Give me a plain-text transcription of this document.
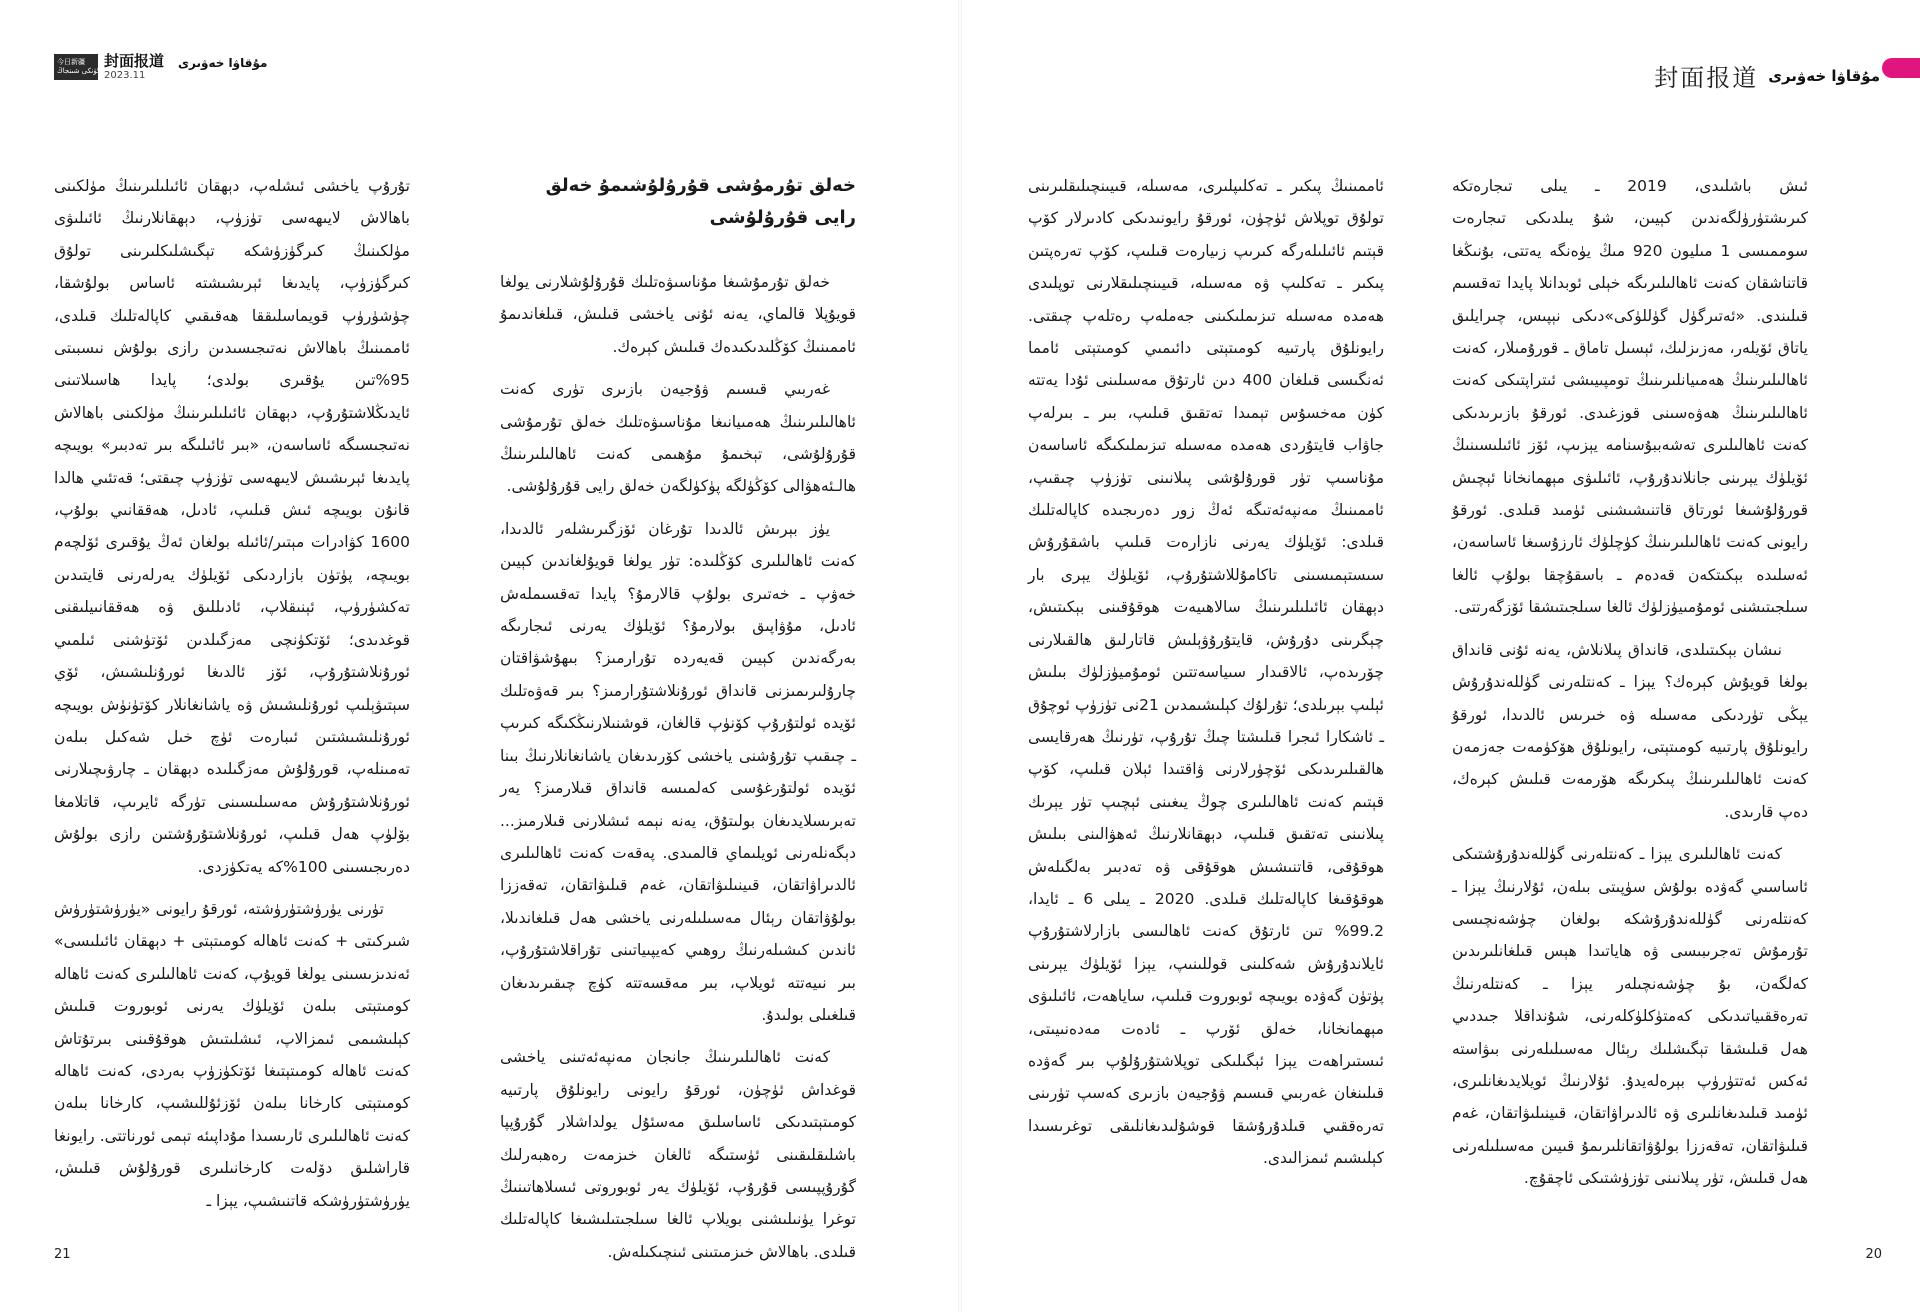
今日新疆
بۈگۈنكى شىنجاڭ
封面报道
2023.11
مۇقاۋا خەۋىرى
خەلق تۇرمۇشى قۇرۇلۇشىمۇ خەلق رايى قۇرۇلۇشى

خەلق تۇرمۇشىغا مۇناسىۋەتلىك قۇرۇلۇشلارنى يولغا قويۇپلا قالماي، يەنە ئۇنى ياخشى قىلىش، قىلغاندىمۇ ئاممىنىڭ كۆڭلىدىكىدەك قىلىش كېرەك.

غەربىي قىسىم ۋۇجيەن بازىرى تۈرى كەنت ئاھالىلىرىنىڭ ھەمىيانىغا مۇناسىۋەتلىك خەلق تۇرمۇشى قۇرۇلۇشى، تېخىمۇ مۇھىمى كەنت ئاھالىلىرىنىڭ ھالـئەھۋالى كۆڭۈلگە پۈكۈلگەن خەلق رايى قۇرۇلۇشى.

يۈز بېرىش ئالدىدا تۇرغان ئۆزگىرىشلەر ئالدىدا، كەنت ئاھالىلىرى كۆڭلىدە: تۈر يولغا قويۇلغاندىن كېيىن خەۋپ ـ خەتىرى بولۇپ قالارمۇ؟ پايدا تەقسىملەش ئادىل، مۇۋاپىق بولارمۇ؟ ئۆيلۈك يەرنى ئىجارىگە بەرگەندىن كېيىن قەيەردە تۇرارمىز؟ بىھۇشۋاقتان چارۇلىرىمىزنى قانداق ئورۇنلاشتۇرارمىز؟ بىر قەۋەتلىك ئۆيدە ئولتۇرۇپ كۆنۈپ قالغان، قوشنىلارنىڭكىگە كىرىپ ـ چىقىپ تۇرۇشنى ياخشى كۆرىدىغان ياشانغانلارنىڭ بىنا ئۆيدە ئولتۇرغۇسى كەلمىسە قانداق قىلارمىز؟ يەر تەبرىسلايدىغان بولىتۇق، يەنە نېمە ئىشلارنى قىلارمىز... دېگەنلەرنى ئويلىماي قالمىدى. پەقەت كەنت ئاھالىلىرى ئالدىراۋاتقان، قىينىلىۋاتقان، غەم قىلىۋاتقان، تەقەززا بولۇۋاتقان رېئال مەسىلىلەرنى ياخشى ھەل قىلغاندىلا، ئاندىن كىشىلەرنىڭ روھىي كەيپىياتىنى تۇراقلاشتۇرۇپ، بىر نىيەتتە ئويلاپ، بىر مەقسەتتە كۈچ چىقىرىدىغان قىلغىلى بولىدۇ.

كەنت ئاھالىلىرىنىڭ جانجان مەنپەئەتىنى ياخشى قوغداش ئۈچۈن، ئورقۇ رايونى رايونلۇق پارتىيە كومىتېتىدىكى ئاساسلىق مەسئۇل يولداشلار گۇرۇپپا باشلىقلىقىنى ئۈستىگە ئالغان خىزمەت رەھبەرلىك گۇرۇپپىسى قۇرۇپ، ئۆيلۈك يەر ئوبوروتى ئىسلاھاتىنىڭ توغرا يۈنىلىشنى بويلاپ ئالغا سىلجىتىلىشىغا كاپالەتلىك قىلدى. باھالاش خىزمىتىنى ئىنچىكىلەش.

تۇرۇپ ياخشى ئىشلەپ، دېھقان ئائىلىلىرىنىڭ مۈلكىنى باھالاش لايىھەسى تۈزۈپ، دېھقانلارنىڭ ئائىلىۋى مۈلكىنىڭ كىرگۈزۈشكە تېگىشلىكلىرىنى تولۇق كىرگۈزۈپ، پايدىغا ئېرىشىشتە ئاساس بولۇشقا، چۈشۈرۈپ قويماسلىققا ھەقىقىي كاپالەتلىك قىلدى، ئاممىنىڭ باھالاش نەتىجىسىدىن رازى بولۇش نىسبىتى 95%تىن يۇقىرى بولدى؛ پايدا ھاسىلاتىنى ئايدىڭلاشتۇرۇپ، دېھقان ئائىلىلىرىنىڭ مۈلكىنى باھالاش نەتىجىسىگە ئاساسەن، «بىر ئائىلىگە بىر تەدبىر» بويىچە پايدىغا ئېرىشىش لايىھەسى تۈزۈپ چىقتى؛ قەتئىي ھالدا قانۇن بويىچە ئىش قىلىپ، ئادىل، ھەققانىي بولۇپ، 1600 كۋادرات مېتىر/ئائىلە بولغان ئەڭ يۇقىرى ئۆلچەم بويىچە، پۈتۈن بازاردىكى ئۆيلۈك يەرلەرنى قايتىدىن تەكشۈرۈپ، ئېنىقلاپ، ئادىللىق ۋە ھەققانىيلىقنى قوغدىدى؛ ئۆتكۈنچى مەزگىلدىن ئۆتۈشنى ئىلمىي ئورۇنلاشتۇرۇپ، ئۆز ئالدىغا ئورۇنلىشىش، ئۆي سېتىۋېلىپ ئورۇنلىشىش ۋە ياشانغانلار كۆتۈنۈش بويىچە ئورۇنلىشىشتىن ئىبارەت ئۈچ خىل شەكىل بىلەن تەمىنلەپ، قورۇلۇش مەزگىلىدە دېھقان ـ چارۋىچىلارنى ئورۇنلاشتۇرۇش مەسىلىسىنى تۈرگە ئايرىپ، قاتلامغا بۆلۈپ ھەل قىلىپ، ئورۇنلاشتۇرۇشتىن رازى بولۇش دەرىجىسىنى 100%كە يەتكۈزدى.

تۈرنى يۈرۈشتۈرۈشتە، ئورقۇ رايونى «يۈرۈشتۈرۈش شىركىتى + كەنت ئاھالە كومىتېتى + دېھقان ئائىلىسى» ئەندىزىسىنى يولغا قويۇپ، كەنت ئاھالىلىرى كەنت ئاھالە كومىتېتى بىلەن ئۆيلۈك يەرنى ئوبوروت قىلىش كېلىشىمى ئىمزالاپ، ئىشلىتىش ھوقۇقىنى بىرتۇتاش كەنت ئاھالە كومىتېتىغا ئۆتكۈزۈپ بەردى، كەنت ئاھالە كومىتېتى كارخانا بىلەن ئۆزئۇللىشىپ، كارخانا بىلەن كەنت ئاھالىلىرى ئارىسىدا مۇداپىئە تېمى ئورناتتى. رايونغا قاراشلىق دۆلەت كارخانىلىرى قورۇلۇش قىلىش، يۈرۈشتۈرۈشكە قاتنىشىپ، يېزا ـ

21

ئىش باشلىدى، 2019 ـ يىلى تىجارەتكە كىرىشتۈرۈلگەندىن كېيىن، شۇ يىلدىكى تىجارەت سوممىسى 1 مىليون 920 مىڭ يۈەنگە يەتتى، بۇنىڭغا قاتناشقان كەنت ئاھالىلىرىگە خېلى ئوبدانلا پايدا تەقسىم قىلىندى. «ئەتىرگۈل گۈللۈكى»دىكى نېپىس، چىرايلىق ياتاق ئۆيلەر، مەزىزلىك، ئېسىل تاماق ـ قورۇمىلار، كەنت ئاھالىلىرىنىڭ ھەمىيانلىرىنىڭ تومپىيىشى ئىتراپتىكى كەنت ئاھالىلىرىنىڭ ھەۋەسىنى قوزغىدى. ئورقۇ بازىرىدىكى كەنت ئاھالىلىرى تەشەببۇسنامە يېزىپ، ئۆز ئائىلىسىنىڭ ئۆيلۈك يېرىنى جانلاندۇرۇپ، ئائىلىۋى مېھمانخانا ئېچىش قورۇلۇشىغا ئورتاق قاتنىشىشنى ئۈمىد قىلدى. ئورقۇ رايونى كەنت ئاھالىلىرىنىڭ كۈچلۈك ئارزۇسىغا ئاساسەن، ئەسلىدە بېكىتكەن قەدەم ـ باسقۇچقا بولۇپ ئالغا سىلجىتىشنى ئومۇمىيۈزلۈك ئالغا سىلجىتىشقا ئۆزگەرتتى.

نىشان بېكىتىلدى، قانداق پىلانلاش، يەنە ئۇنى قانداق بولغا قويۇش كېرەك؟ يېزا ـ كەنتلەرنى گۈللەندۇرۇش يېڭى تۈردىكى مەسىلە ۋە خىرىس ئالدىدا، ئورقۇ رايونلۇق پارتىيە كومىتېتى، رايونلۇق ھۆكۈمەت جەزمەن كەنت ئاھالىلىرىنىڭ پىكرىگە ھۆرمەت قىلىش كېرەك، دەپ قارىدى.

كەنت ئاھالىلىرى يېزا ـ كەنتلەرنى گۈللەندۇرۇشتىكى ئاساسىي گەۋدە بولۇش سۈپىتى بىلەن، ئۇلارنىڭ يېزا ـ كەنتلەرنى گۈللەندۇرۇشكە بولغان چۈشەنچىسى تۇرمۇش تەجرىبىسى ۋە ھاياتىدا ھېس قىلغانلىرىدىن كەلگەن، بۇ چۈشەنچىلەر يېزا ـ كەنتلەرنىڭ تەرەققىياتىدىكى كەمتۈكلۈكلەرنى، شۇنداقلا جىددىي ھەل قىلىشقا تېگىشلىك رېئال مەسىلىلەرنى بىۋاستە ئەكس ئەتتۈرۈپ بېرەلەيدۇ. ئۇلارنىڭ ئويلايدىغانلىرى، ئۈمىد قىلىدىغانلىرى ۋە ئالدىراۋاتقان، قىينىلىۋاتقان، غەم قىلىۋاتقان، تەقەززا بولۇۋاتقانلىرىمۇ قىيىن مەسىلىلەرنى ھەل قىلىش، تۈر پىلانىنى تۈزۈشتىكى ئاچقۇچ.

ئاممىنىڭ پىكىر ـ تەكلىپلىرى، مەسىلە، قىيىنچىلىقلىرىنى تولۇق توپلاش ئۈچۈن، ئورقۇ رايونىدىكى كادىرلار كۆپ قېتىم ئائىلىلەرگە كىرىپ زىيارەت قىلىپ، كۆپ تەرەپتىن پىكىر ـ تەكلىپ ۋە مەسىلە، قىيىنچىلىقلارنى توپلىدى ھەمدە مەسىلە تىزىملىكىنى جەملەپ رەتلەپ چىقتى. رايونلۇق پارتىيە كومىتېتى دائىمىي كومىتېتى ئامما ئەنگىسى قىلغان 400 دىن ئارتۇق مەسىلىنى ئۇدا يەتتە كۈن مەخسۇس تېمىدا تەتقىق قىلىپ، بىر ـ بىرلەپ جاۋاب قايتۇردى ھەمدە مەسىلە تىزىملىكىگە ئاساسەن مۇناسىپ تۈر قورۇلۇشى پىلانىنى تۈزۈپ چىقىپ، ئاممىنىڭ مەنپەئەتىگە ئەڭ زور دەرىجىدە كاپالەتلىك قىلدى: ئۆيلۈك يەرنى نازارەت قىلىپ باشقۇرۇش سىستېمىسىنى تاكامۇللاشتۇرۇپ، ئۆيلۈك يېرى بار دېھقان ئائىلىلىرىنىڭ سالاھىيەت ھوقۇقىنى بېكىتىش، چېگرىنى دۇرۇش، قايتۇرۇۋېلىش قاتارلىق ھالقىلارنى چۆرىدەپ، ئالاقىدار سىياسەتتىن ئومۇميۈزلۈك بىلىش ئېلىپ بېرىلدى؛ تۇرلۇك كېلىشىمدىن 21نى تۈزۈپ ئوچۇق ـ ئاشكارا ئىجرا قىلىشتا چىڭ تۇرۇپ، تۈرنىڭ ھەرقايسى ھالقىلىرىدىكى ئۆچۈرلارنى ۋاقتىدا ئېلان قىلىپ، كۆپ قېتىم كەنت ئاھالىلىرى چوڭ يىغىنى ئېچىپ تۈر يېرىك پىلانىنى تەتقىق قىلىپ، دېھقانلارنىڭ ئەھۋالىنى بىلىش ھوقۇقى، قاتنىشىش ھوقۇقى ۋە تەدبىر بەلگىلەش ھوقۇقىغا كاپالەتلىك قىلدى. 2020 ـ يىلى 6 ـ ئايدا، 99.2% تىن ئارتۇق كەنت ئاھالىسى بازارلاشتۇرۇپ ئايلاندۇرۇش شەكلىنى قوللىنىپ، يېزا ئۆيلۈك يېرىنى پۈتۈن گەۋدە بويىچە ئوبوروت قىلىپ، ساياھەت، ئائىلىۋى مېھمانخانا، خەلق ئۆرپ ـ ئادەت مەدەنىيىتى، ئىستىراھەت يېزا ئېگىلىكى توپلاشتۇرۇلۇپ بىر گەۋدە قىلىنغان غەربىي قىسىم ۋۇجيەن بازىرى كەسپ تۈرىنى تەرەققىي قىلدۇرۇشقا قوشۇلىدىغانلىقى توغرىسىدا كېلىشىم ئىمزالىدى.

20
封面报道 مۇقاۋا خەۋىرى
